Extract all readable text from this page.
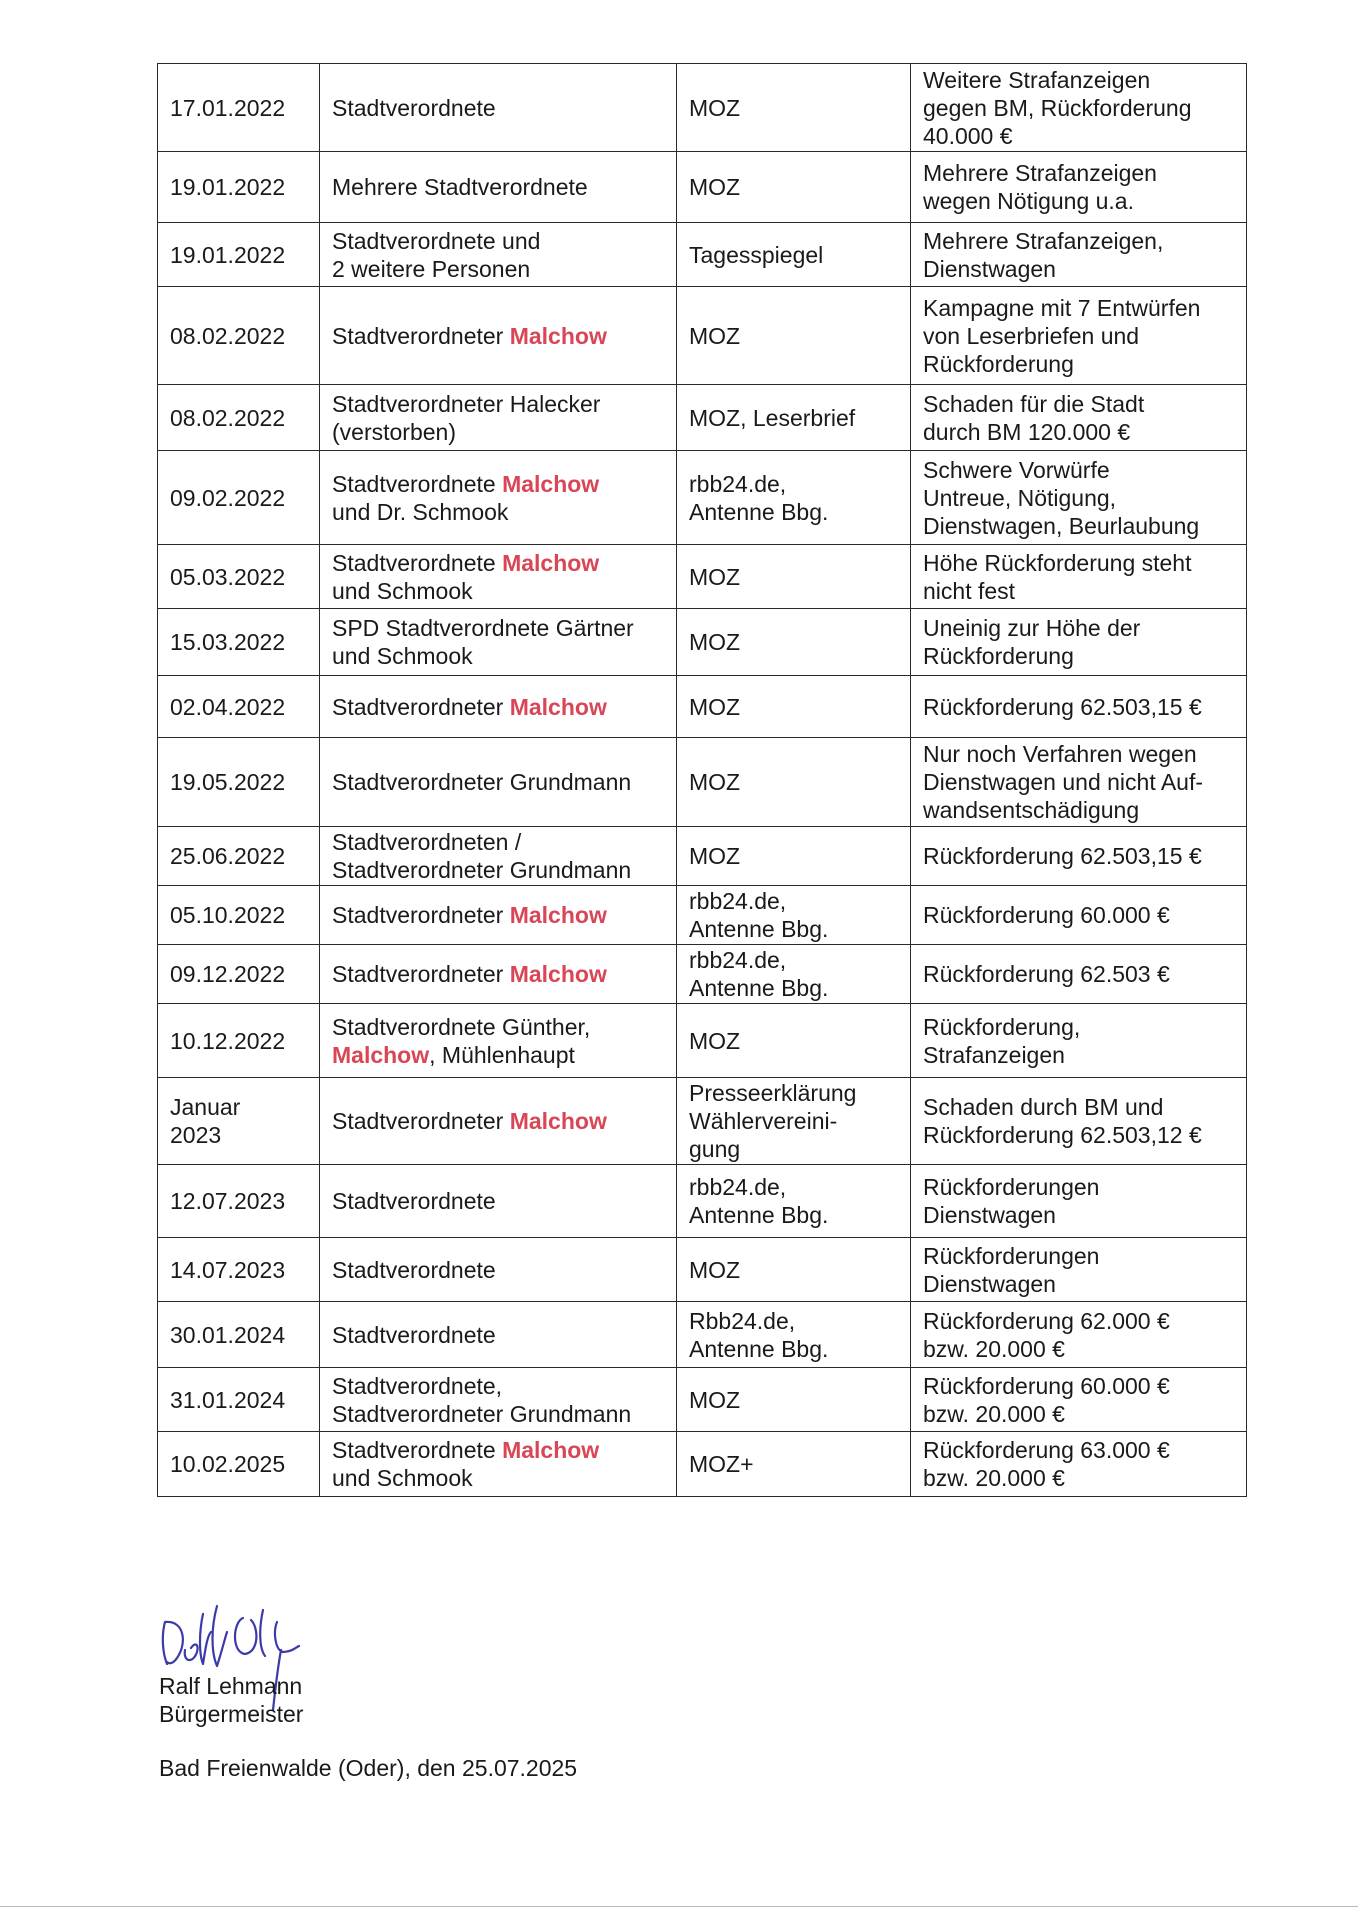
17.01.2022	Stadtverordnete	MOZ	Weitere Strafanzeigen
gegen BM, Rückforderung
40.000 €

19.01.2022	Mehrere Stadtverordnete	MOZ	Mehrere Strafanzeigen
wegen Nötigung u.a.

19.01.2022	Stadtverordnete und
2 weitere Personen	Tagesspiegel	Mehrere Strafanzeigen,
Dienstwagen

08.02.2022	Stadtverordneter Malchow	MOZ	Kampagne mit 7 Entwürfen
von Leserbriefen und
Rückforderung

08.02.2022	Stadtverordneter Halecker
(verstorben)	MOZ, Leserbrief	Schaden für die Stadt
durch BM 120.000 €

09.02.2022	Stadtverordnete Malchow
und Dr. Schmook	rbb24.de,
Antenne Bbg.	Schwere Vorwürfe
Untreue, Nötigung,
Dienstwagen, Beurlaubung

05.03.2022	Stadtverordnete Malchow
und Schmook	MOZ	Höhe Rückforderung steht
nicht fest

15.03.2022	SPD Stadtverordnete Gärtner
und Schmook	MOZ	Uneinig zur Höhe der
Rückforderung

02.04.2022	Stadtverordneter Malchow	MOZ	Rückforderung 62.503,15 €

19.05.2022	Stadtverordneter Grundmann	MOZ	Nur noch Verfahren wegen
Dienstwagen und nicht Auf-
wandsentschädigung

25.06.2022	Stadtverordneten /
Stadtverordneter Grundmann	MOZ	Rückforderung 62.503,15 €

05.10.2022	Stadtverordneter Malchow	rbb24.de,
Antenne Bbg.	Rückforderung 60.000 €

09.12.2022	Stadtverordneter Malchow	rbb24.de,
Antenne Bbg.	Rückforderung 62.503 €

10.12.2022	Stadtverordnete Günther,
Malchow, Mühlenhaupt	MOZ	Rückforderung,
Strafanzeigen

Januar
2023	Stadtverordneter Malchow	Presseerklärung
Wählervereini-
gung	Schaden durch BM und
Rückforderung 62.503,12 €

12.07.2023	Stadtverordnete	rbb24.de,
Antenne Bbg.	Rückforderungen
Dienstwagen

14.07.2023	Stadtverordnete	MOZ	Rückforderungen
Dienstwagen

30.01.2024	Stadtverordnete	Rbb24.de,
Antenne Bbg.	Rückforderung 62.000 €
bzw. 20.000 €

31.01.2024	Stadtverordnete,
Stadtverordneter Grundmann	MOZ	Rückforderung 60.000 €
bzw. 20.000 €

10.02.2025	Stadtverordnete Malchow
und Schmook	MOZ+	Rückforderung 63.000 €
bzw. 20.000 €
Ralf Lehmann
Bürgermeister
Bad Freienwalde (Oder), den 25.07.2025
